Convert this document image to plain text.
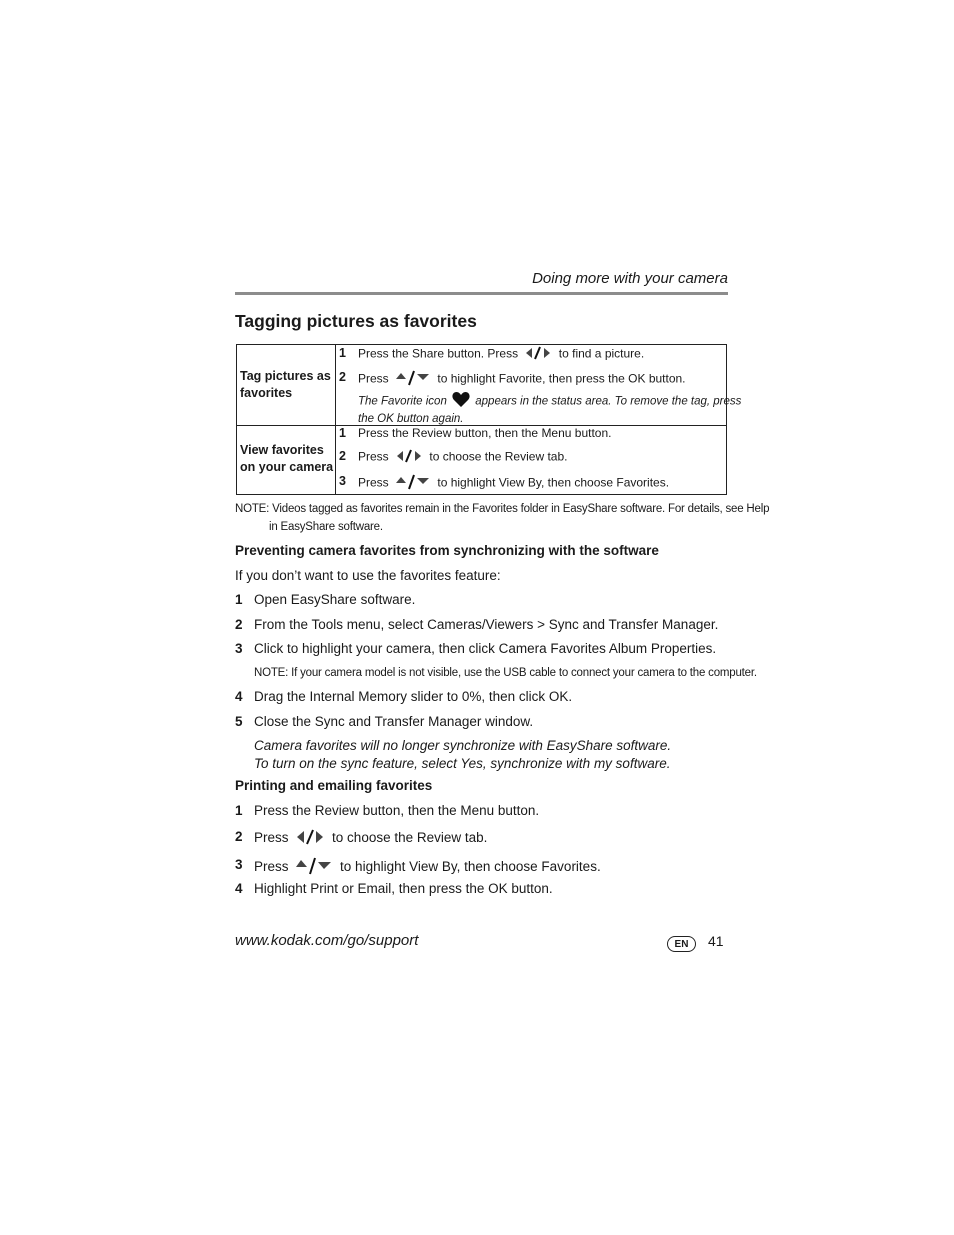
Doing more with your camera
Tagging pictures as favorites
Tag pictures as favorites
1 Press the Share button. Press	to find a picture.
2 Press	to highlight Favorite, then press the OK button.
The Favorite icon appears in the status area. To remove the tag, press
the OK button again.
View favorites on your camera
1 Press the Review button, then the Menu button.
2 Press	to choose the Review tab.
3 Press	to highlight View By, then choose Favorites.
NOTE: Videos tagged as favorites remain in the Favorites folder in EasyShare software. For details, see Help
in EasyShare software.
Preventing camera favorites from synchronizing with the software
If you don’t want to use the favorites feature:
1 Open EasyShare software.
2 From the Tools menu, select Cameras/Viewers > Sync and Transfer Manager.
3 Click to highlight your camera, then click Camera Favorites Album Properties.
NOTE: If your camera model is not visible, use the USB cable to connect your camera to the computer.
4 Drag the Internal Memory slider to 0%, then click OK.
5 Close the Sync and Transfer Manager window.
Camera favorites will no longer synchronize with EasyShare software.
To turn on the sync feature, select Yes, synchronize with my software.
Printing and emailing favorites
1 Press the Review button, then the Menu button.
2 Press	to choose the Review tab.
3 Press	to highlight View By, then choose Favorites.
4 Highlight Print or Email, then press the OK button.
www.kodak.com/go/support	EN	41
